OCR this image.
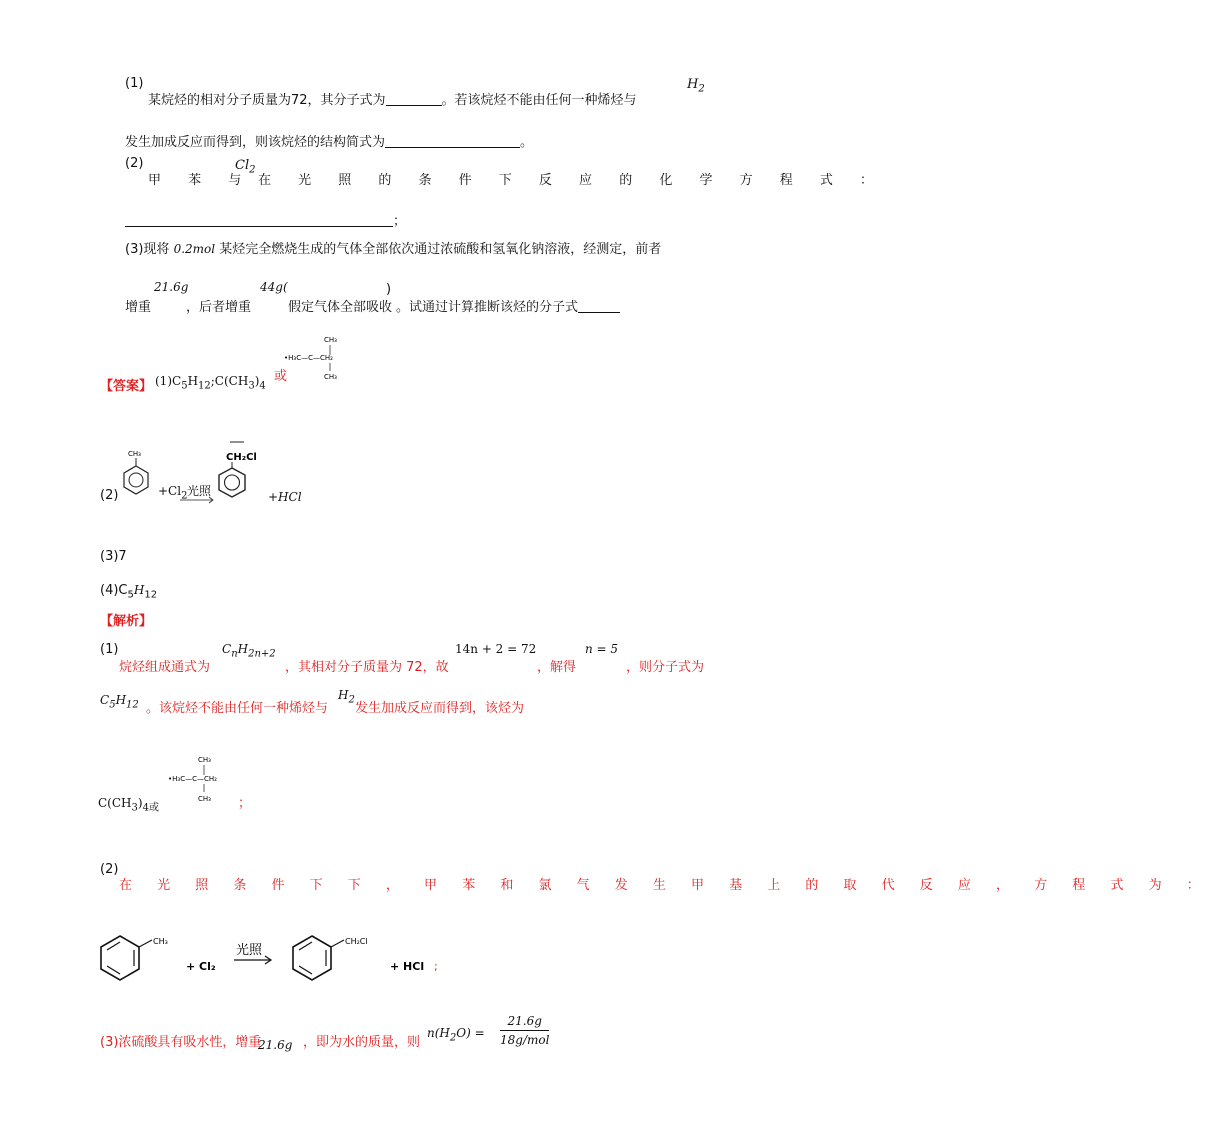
(1)
某烷烃的相对分子质量为72，其分子式为	。若该烷烃不能由任何一种烯烃与
$H_2$
发生加成反应而得到，则该烷烃的结构简式为	。
(2)
甲 苯 与
$Cl_2$
在 光 照 的 条 件 下 反 应 的 化 学 方 程 式 ：
；
(3)现将 0.2mol 某烃完全燃烧生成的气体全部依次通过浓硫酸和氢氧化钠溶液，经测定，前者
增重
21.6g
，后者增重
44g(
假定气体全部吸收
)
。试通过计算推断该烃的分子式
【答案】 $(1)C_5H_{12};C(CH_3)_4$
或
CH₃
•H₃C—C—CH₂
CH₃
(2)
CH₃
$+Cl_2$ 光照
CH₂Cl
+HCl
(3)7
$(4)C_5H_{12}$
【解析】
(1)
烷烃组成通式为
$C_nH_{2n+2}$
，其相对分子质量为 72，故
14n + 2 = 72
，解得
n = 5
，则分子式为
$C_5H_{12}$ 。该烷烃不能由任何一种烯烃与
$H_2$
发生加成反应而得到，该烃为
CH₃
•H₃C—C—CH₂
CH₃
$C(CH_3)_{4或}$	；
(2)
在 光 照 条 件 下 下 ， 甲 苯 和 氯 气 发 生 甲 基 上 的 取 代 反 应 ， 方 程 式 为 ：
CH₃
+ Cl₂
光照
CH₂Cl
+ HCl ;
(3)浓硫酸具有吸水性，增重
21.6g ，即为水的质量，则
$n(H_2O)$ =
21.6g
18g/mol
